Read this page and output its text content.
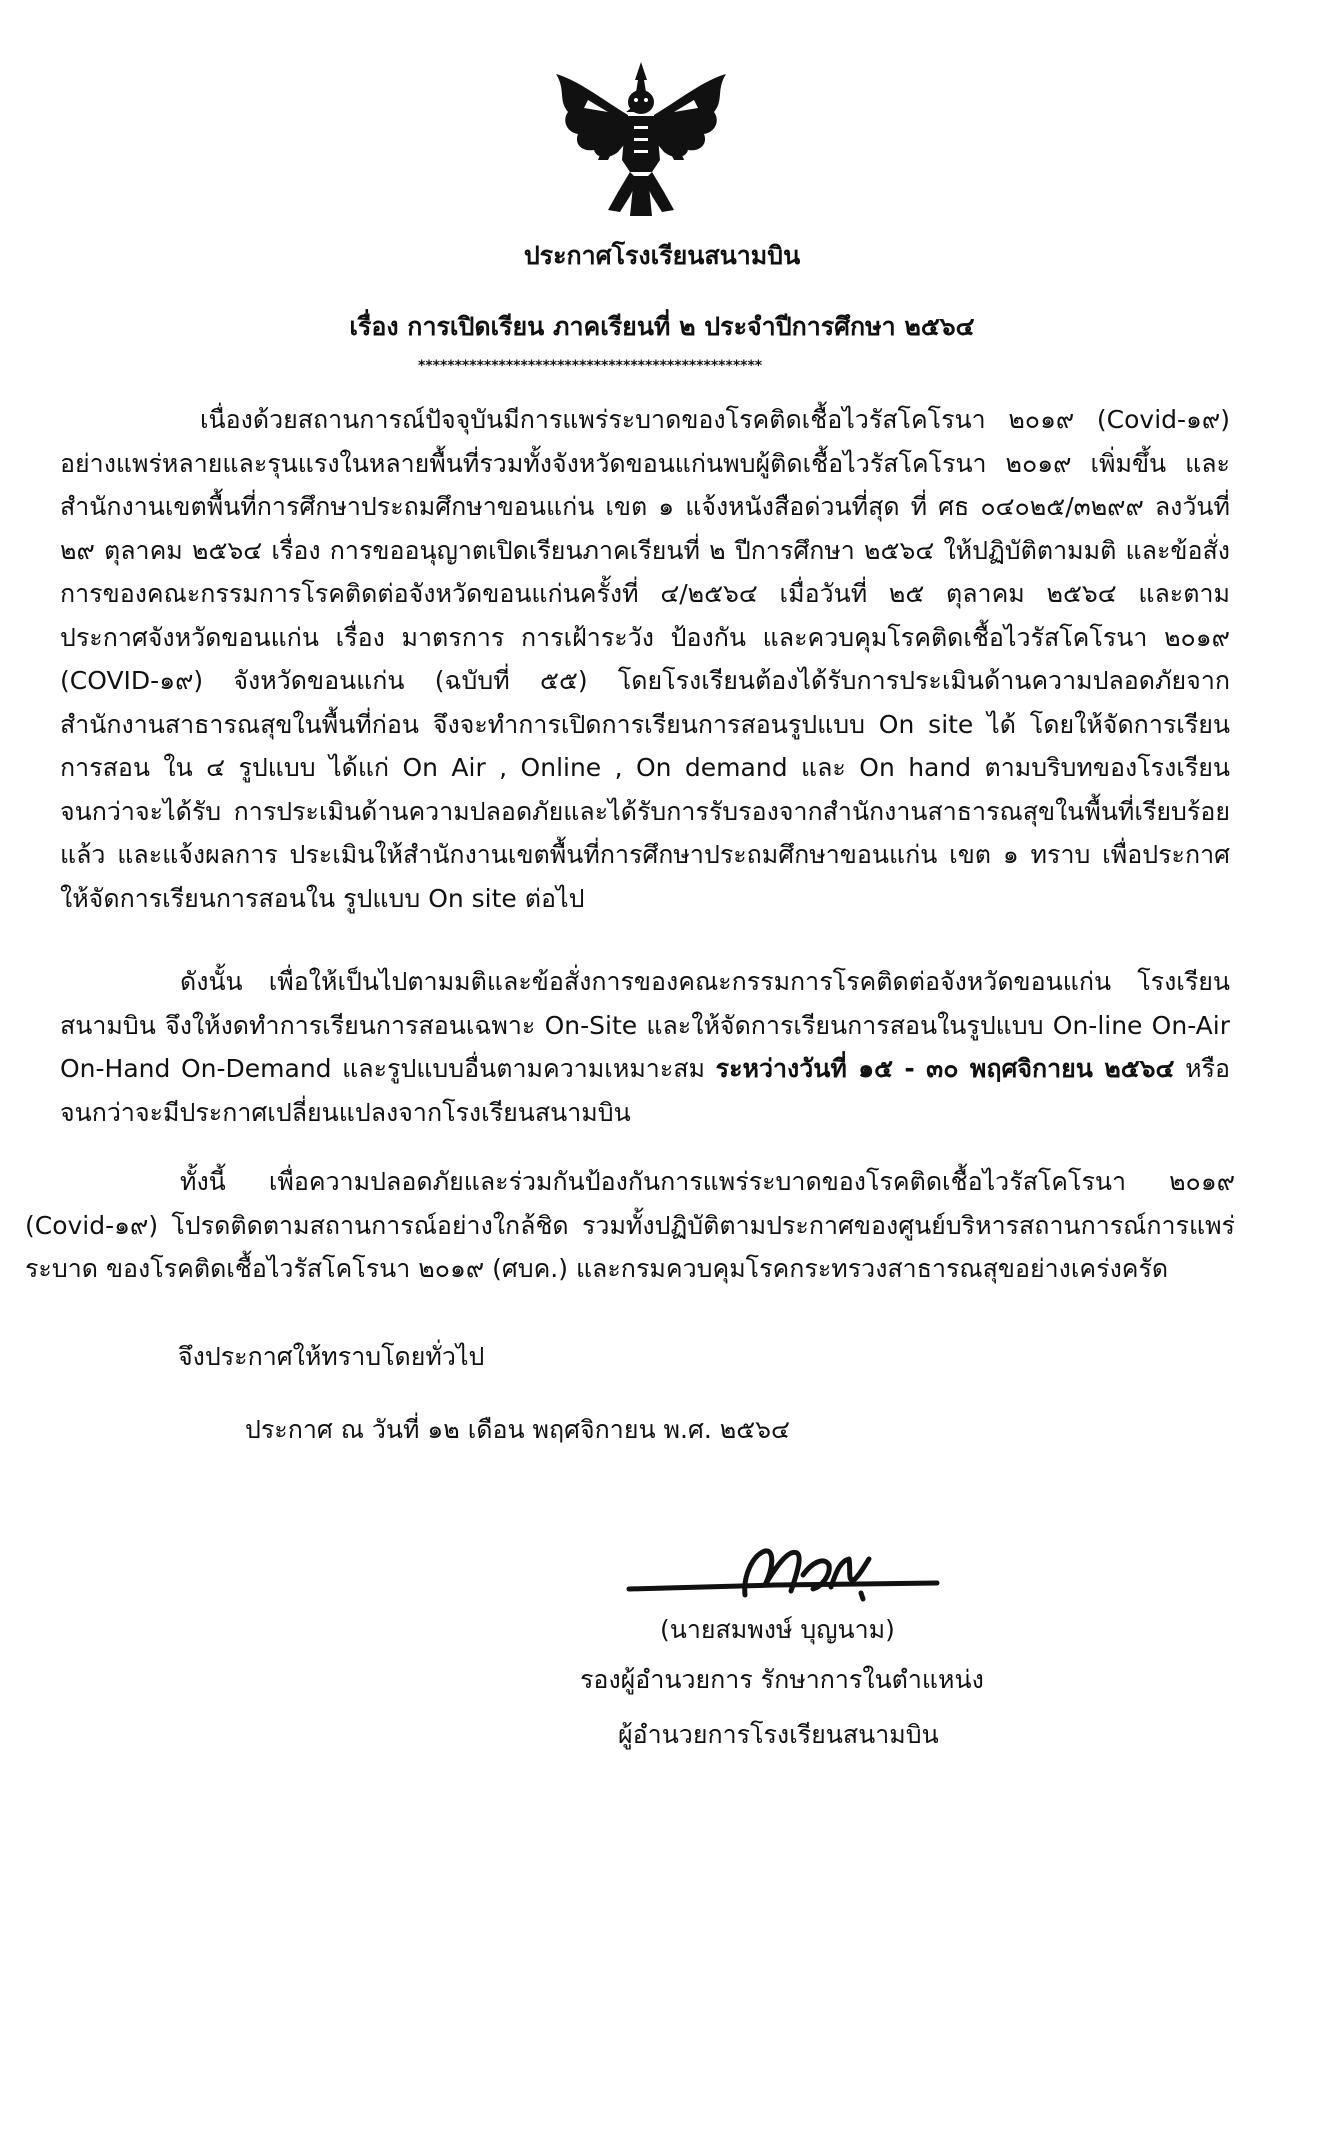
ประกาศโรงเรียนสนามบิน
เรื่อง การเปิดเรียน ภาคเรียนที่ ๒ ประจำปีการศึกษา ๒๕๖๔
***********************************************
เนื่องด้วยสถานการณ์ปัจจุบันมีการแพร่ระบาดของโรคติดเชื้อไวรัสโคโรนา ๒๐๑๙ (Covid-๑๙) อย่างแพร่หลายและรุนแรงในหลายพื้นที่รวมทั้งจังหวัดขอนแก่นพบผู้ติดเชื้อไวรัสโคโรนา ๒๐๑๙ เพิ่มขึ้น และสำนักงานเขตพื้นที่การศึกษาประถมศึกษาขอนแก่น เขต ๑ แจ้งหนังสือด่วนที่สุด ที่ ศธ ๐๔๐๒๕/๓๒๙๙ ลงวันที่ ๒๙ ตุลาคม ๒๕๖๔ เรื่อง การขออนุญาตเปิดเรียนภาคเรียนที่ ๒ ปีการศึกษา ๒๕๖๔ ให้ปฏิบัติตามมติ และข้อสั่งการของคณะกรรมการโรคติดต่อจังหวัดขอนแก่นครั้งที่ ๔/๒๕๖๔ เมื่อวันที่ ๒๕ ตุลาคม ๒๕๖๔ และตามประกาศจังหวัดขอนแก่น เรื่อง มาตรการ การเฝ้าระวัง ป้องกัน และควบคุมโรคติดเชื้อไวรัสโคโรนา ๒๐๑๙ (COVID-๑๙) จังหวัดขอนแก่น (ฉบับที่ ๕๕) โดยโรงเรียนต้องได้รับการประเมินด้านความปลอดภัยจาก สำนักงานสาธารณสุขในพื้นที่ก่อน จึงจะทำการเปิดการเรียนการสอนรูปแบบ On site ได้ โดยให้จัดการเรียนการสอน ใน ๔ รูปแบบ ได้แก่ On Air , Online , On demand และ On hand ตามบริบทของโรงเรียน จนกว่าจะได้รับ การประเมินด้านความปลอดภัยและได้รับการรับรองจากสำนักงานสาธารณสุขในพื้นที่เรียบร้อยแล้ว และแจ้งผลการ ประเมินให้สำนักงานเขตพื้นที่การศึกษาประถมศึกษาขอนแก่น เขต ๑ ทราบ เพื่อประกาศให้จัดการเรียนการสอนใน รูปแบบ On site ต่อไป
ดังนั้น เพื่อให้เป็นไปตามมติและข้อสั่งการของคณะกรรมการโรคติดต่อจังหวัดขอนแก่น โรงเรียน สนามบิน จึงให้งดทำการเรียนการสอนเฉพาะ On-Site และให้จัดการเรียนการสอนในรูปแบบ On-line On-Air On-Hand On-Demand และรูปแบบอื่นตามความเหมาะสม ระหว่างวันที่ ๑๕ - ๓๐ พฤศจิกายน ๒๕๖๔ หรือ จนกว่าจะมีประกาศเปลี่ยนแปลงจากโรงเรียนสนามบิน
ทั้งนี้ เพื่อความปลอดภัยและร่วมกันป้องกันการแพร่ระบาดของโรคติดเชื้อไวรัสโคโรนา ๒๐๑๙ (Covid-๑๙) โปรดติดตามสถานการณ์อย่างใกล้ชิด รวมทั้งปฏิบัติตามประกาศของศูนย์บริหารสถานการณ์การแพร่ระบาด ของโรคติดเชื้อไวรัสโคโรนา ๒๐๑๙ (ศบค.) และกรมควบคุมโรคกระทรวงสาธารณสุขอย่างเคร่งครัด
จึงประกาศให้ทราบโดยทั่วไป
ประกาศ ณ วันที่ ๑๒ เดือน พฤศจิกายน พ.ศ. ๒๕๖๔
(นายสมพงษ์ บุญนาม)
รองผู้อำนวยการ รักษาการในตำแหน่ง
ผู้อำนวยการโรงเรียนสนามบิน
